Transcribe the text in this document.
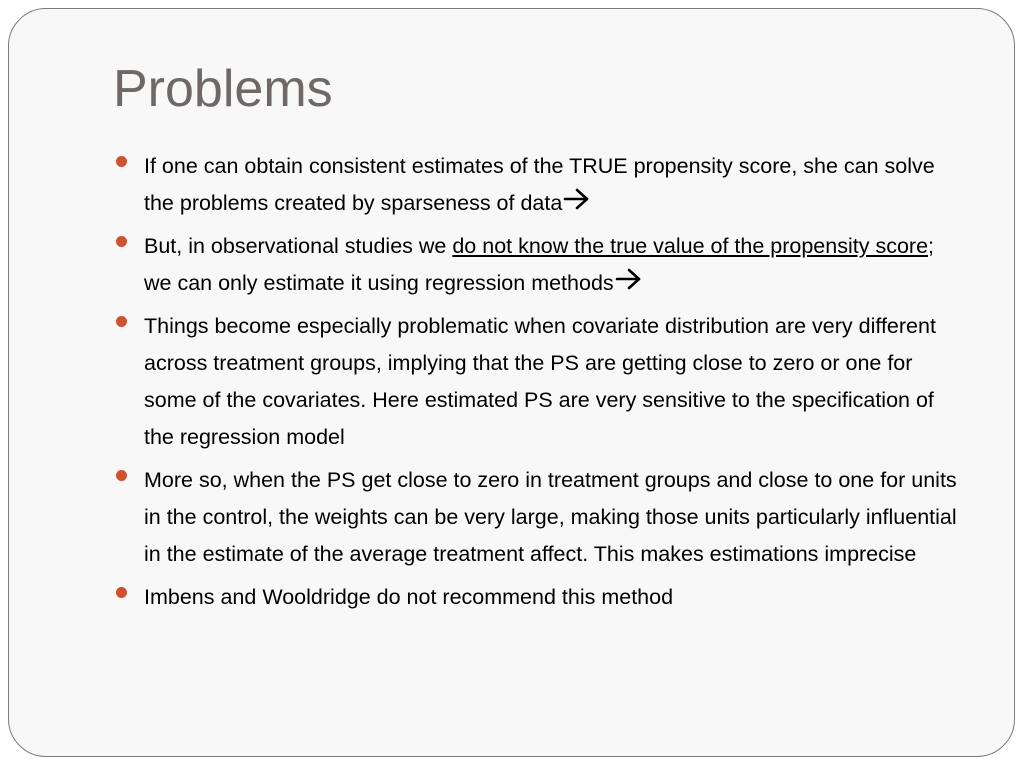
Problems
If one can obtain consistent estimates of the TRUE propensity score, she can solve the problems created by sparseness of data
But, in observational studies we do not know the true value of the propensity score; we can only estimate it using regression methods
Things become especially problematic when covariate distribution are very different across treatment groups, implying that the PS are getting close to zero or one for some of the covariates. Here estimated PS are very sensitive to the specification of the regression model
More so, when the PS get close to zero in treatment groups and close to one for units in the control, the weights can be very large, making those units particularly influential in the estimate of the average treatment affect. This makes estimations imprecise
Imbens and Wooldridge do not recommend this method
